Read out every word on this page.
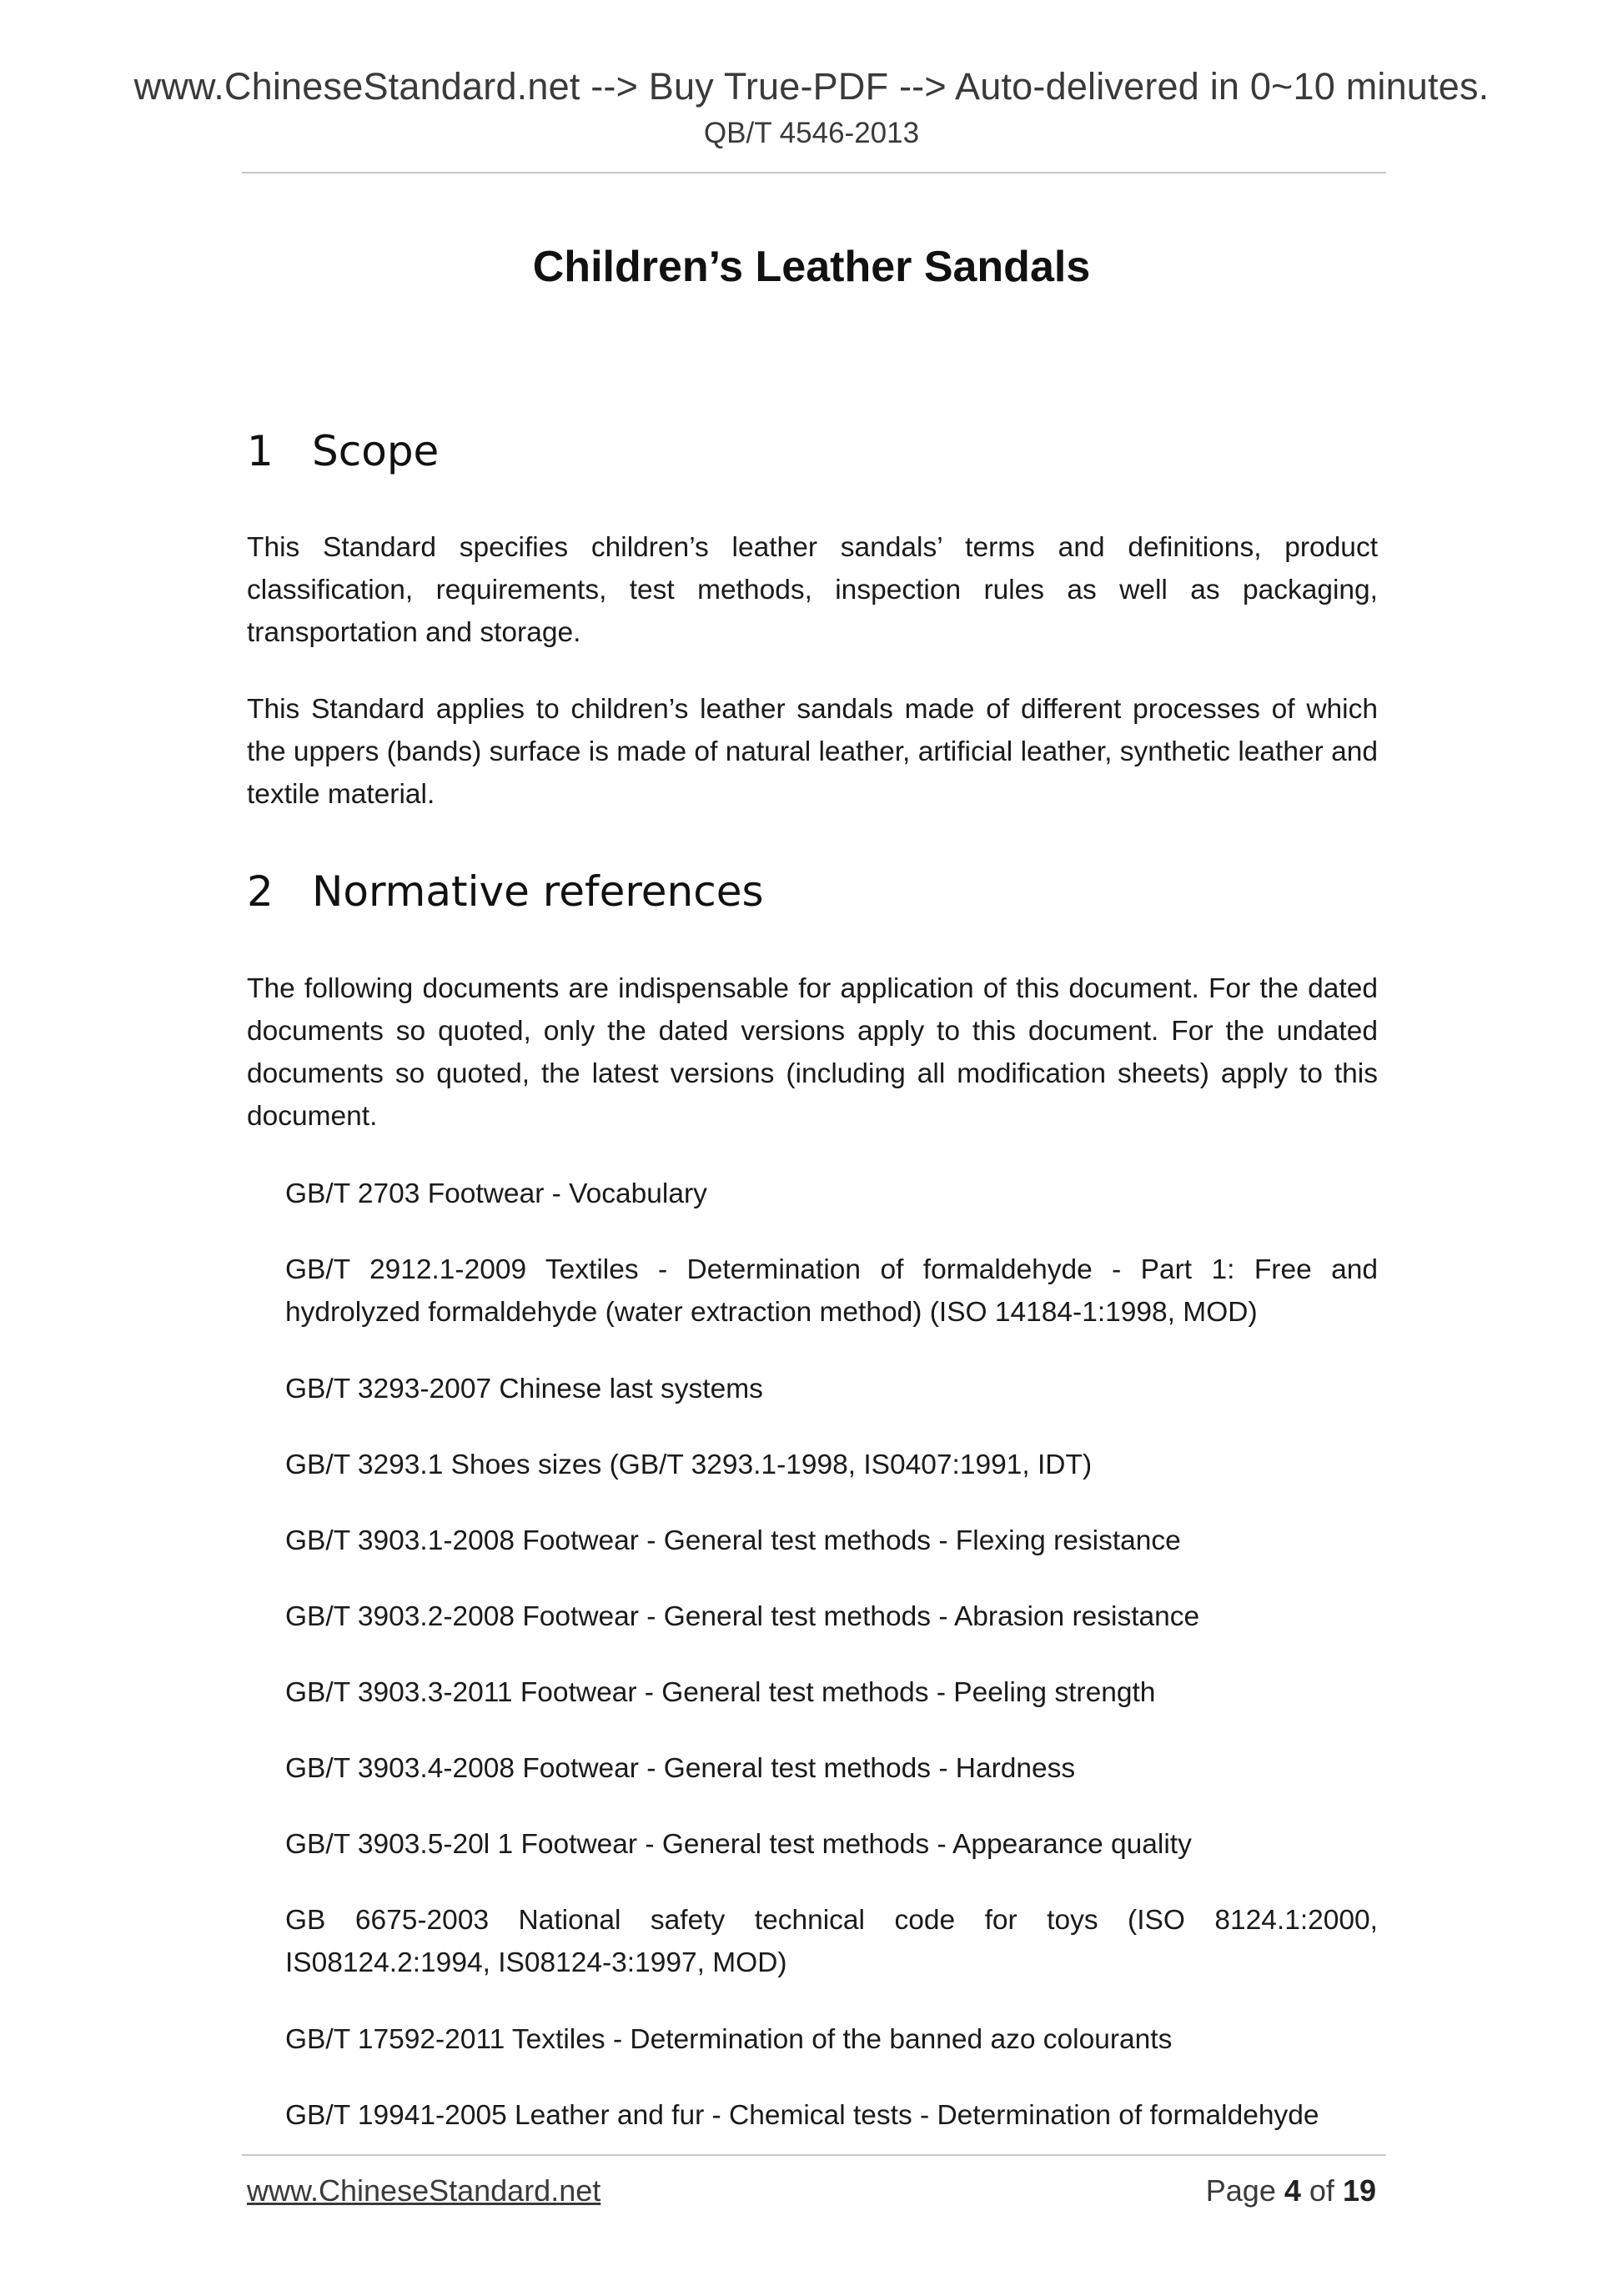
www.ChineseStandard.net --> Buy True-PDF --> Auto-delivered in 0~10 minutes.
QB/T 4546-2013
Children’s Leather Sandals
1 Scope
This Standard specifies children’s leather sandals’ terms and definitions, product classification, requirements, test methods, inspection rules as well as packaging, transportation and storage.
This Standard applies to children’s leather sandals made of different processes of which the uppers (bands) surface is made of natural leather, artificial leather, synthetic leather and textile material.
2 Normative references
The following documents are indispensable for application of this document. For the dated documents so quoted, only the dated versions apply to this document. For the undated documents so quoted, the latest versions (including all modification sheets) apply to this document.
GB/T 2703 Footwear - Vocabulary
GB/T 2912.1-2009 Textiles - Determination of formaldehyde - Part 1: Free and hydrolyzed formaldehyde (water extraction method) (ISO 14184-1:1998, MOD)
GB/T 3293-2007 Chinese last systems
GB/T 3293.1 Shoes sizes (GB/T 3293.1-1998, IS0407:1991, IDT)
GB/T 3903.1-2008 Footwear - General test methods - Flexing resistance
GB/T 3903.2-2008 Footwear - General test methods - Abrasion resistance
GB/T 3903.3-2011 Footwear - General test methods - Peeling strength
GB/T 3903.4-2008 Footwear - General test methods - Hardness
GB/T 3903.5-20l 1 Footwear - General test methods - Appearance quality
GB 6675-2003 National safety technical code for toys (ISO 8124.1:2000, IS08124.2:1994, IS08124-3:1997, MOD)
GB/T 17592-2011 Textiles - Determination of the banned azo colourants
GB/T 19941-2005 Leather and fur - Chemical tests - Determination of formaldehyde
www.ChineseStandard.net	Page 4 of 19
